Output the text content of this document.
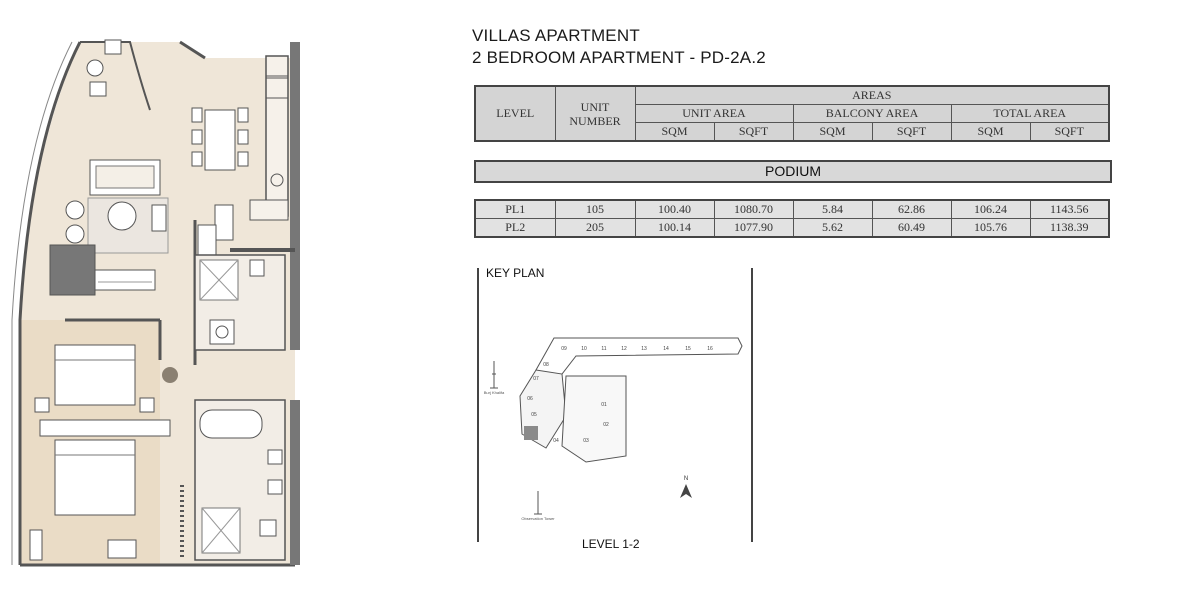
VILLAS APARTMENT
2 BEDROOM APARTMENT - PD-2A.2
LEVEL	UNIT NUMBER	AREAS					
		UNIT AREA		BALCONY AREA		TOTAL AREA	
		SQM	SQFT	SQM	SQFT	SQM	SQFT
PODIUM
PL1	105	100.40	1080.70	5.84	62.86	106.24	1143.56
PL2	205	100.14	1077.90	5.62	60.49	105.76	1138.39
09	10	11	12	13	14	15	16
08
07
06
05
04	03
02
01
Burj Khalifa
Observation Tower
N
KEY PLAN
LEVEL 1-2
